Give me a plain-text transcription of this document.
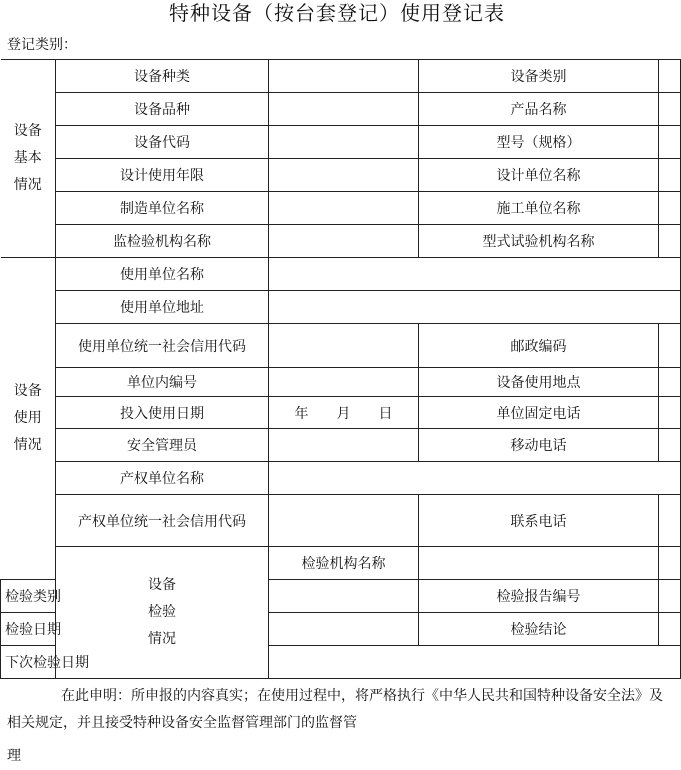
特种设备（按台套登记）使用登记表
登记类别：
设备
基本
情况	设备种类		设备类别	
	设备品种		产品名称	
	设备代码		型号（规格）	
	设计使用年限		设计单位名称	
	制造单位名称		施工单位名称	
	监检验机构名称		型式试验机构名称	
设备
使用
情况	使用单位名称			
	使用单位地址			
	使用单位统一社会信用代码		邮政编码	
	单位内编号		设备使用地点	
	投入使用日期	年 月 日	单位固定电话	
	安全管理员		移动电话	
	产权单位名称			
	产权单位统一社会信用代码		联系电话	
	设备
检验
情况	检验机构名称		
检验类别			检验报告编号	
检验日期			检验结论	
下次检验日期				
在此申明：所申报的内容真实；在使用过程中，将严格执行《中华人民共和国特种设备安全法》及相关规定，并且接受特种设备安全监督管理部门的监督管
理
